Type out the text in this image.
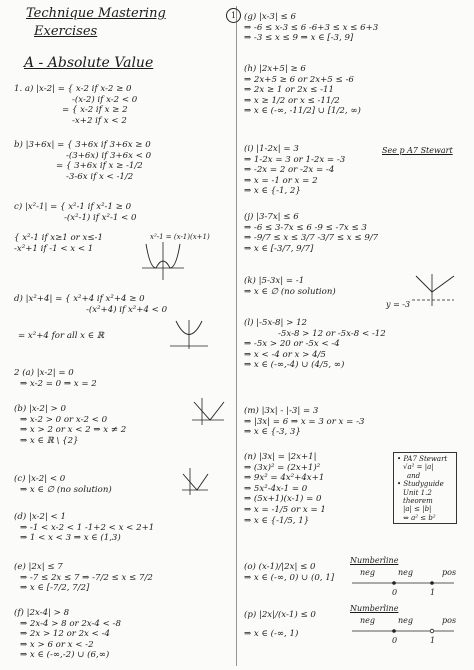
Technique Mastering
Exercises
A - Absolute Value
1
1. a) |x-2| = { x-2 if x-2 ≥ 0
-(x-2) if x-2 < 0
= { x-2 if x ≥ 2
-x+2 if x < 2
b) |3+6x| = { 3+6x if 3+6x ≥ 0
-(3+6x) if 3+6x < 0
= { 3+6x if x ≥ -1/2
-3-6x if x < -1/2
c) |x²-1| = { x²-1 if x²-1 ≥ 0
-(x²-1) if x²-1 < 0
{ x²-1 if x≥1 or x≤-1
-x²+1 if -1 < x < 1
x²-1 = (x-1)(x+1)
d) |x²+4| = { x²+4 if x²+4 ≥ 0
-(x²+4) if x²+4 < 0
= x²+4 for all x ∈ ℝ
2 (a) |x-2| = 0
⇒ x-2 = 0 ⇒ x = 2
(b) |x-2| > 0
⇒ x-2 > 0 or x-2 < 0
⇒ x > 2 or x < 2 ⇒ x ≠ 2
⇒ x ∈ ℝ \ {2}
(c) |x-2| < 0
⇒ x ∈ ∅ (no solution)
(d) |x-2| < 1
⇒ -1 < x-2 < 1 -1+2 < x < 2+1
⇒ 1 < x < 3 ⇒ x ∈ (1,3)
(e) |2x| ≤ 7
⇒ -7 ≤ 2x ≤ 7 ⇒ -7/2 ≤ x ≤ 7/2
⇒ x ∈ [-7/2, 7/2]
(f) |2x-4| > 8
⇒ 2x-4 > 8 or 2x-4 < -8
⇒ 2x > 12 or 2x < -4
⇒ x > 6 or x < -2
⇒ x ∈ (-∞,-2) ∪ (6,∞)
(g) |x-3| ≤ 6
⇒ -6 ≤ x-3 ≤ 6 -6+3 ≤ x ≤ 6+3
⇒ -3 ≤ x ≤ 9 ⇒ x ∈ [-3, 9]
(h) |2x+5| ≥ 6
⇒ 2x+5 ≥ 6 or 2x+5 ≤ -6
⇒ 2x ≥ 1 or 2x ≤ -11
⇒ x ≥ 1/2 or x ≤ -11/2
⇒ x ∈ (-∞, -11/2] ∪ [1/2, ∞)
(i) |1-2x| = 3
⇒ 1-2x = 3 or 1-2x = -3
⇒ -2x = 2 or -2x = -4
⇒ x = -1 or x = 2
⇒ x ∈ {-1, 2}
See p A7 Stewart
(j) |3-7x| ≤ 6
⇒ -6 ≤ 3-7x ≤ 6 -9 ≤ -7x ≤ 3
⇒ -9/7 ≤ x ≤ 3/7 -3/7 ≤ x ≤ 9/7
⇒ x ∈ [-3/7, 9/7]
(k) |5-3x| = -1
⇒ x ∈ ∅ (no solution)
y = -3
(l) |-5x-8| > 12
-5x-8 > 12 or -5x-8 < -12
⇒ -5x > 20 or -5x < -4
⇒ x < -4 or x > 4/5
⇒ x ∈ (-∞,-4) ∪ (4/5, ∞)
(m) |3x| - |-3| = 3
⇒ |3x| = 6 ⇒ x = 3 or x = -3
⇒ x ∈ {-3, 3}
(n) |3x| = |2x+1|
⇒ (3x)² = (2x+1)²
⇒ 9x² = 4x²+4x+1
⇒ 5x²-4x-1 = 0
⇒ (5x+1)(x-1) = 0
⇒ x = -1/5 or x = 1
⇒ x ∈ {-1/5, 1}
• PA7 Stewart
√a² = |a|
and
• Studyguide
Unit 1.2
theorem
|a| ≤ |b|
⇔ a² ≤ b²
(o) (x-1)/|2x| ≤ 0
⇒ x ∈ (-∞, 0) ∪ (0, 1]
Numberline
neg	neg	pos
0	1
(p) |2x|/(x-1) ≤ 0
⇒ x ∈ (-∞, 1)
Numberline
neg	neg	pos
0	1
